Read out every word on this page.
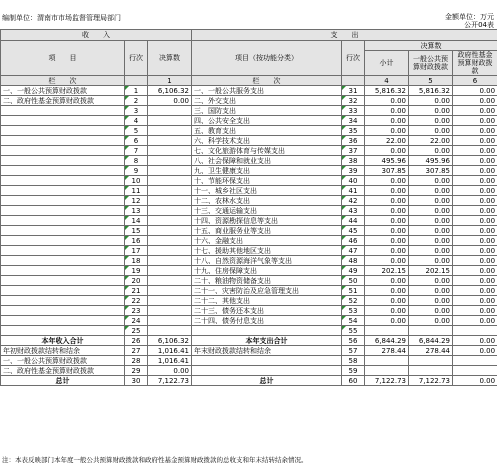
编制单位：渭南市市场监督管理局部门	金额单位：万元
公开04表
收　　入			支　　出				
项　　目	行次	决算数	项目（按功能分类）	行次	决算数		
					小计	一般公共预算财政拨款	政府性基金预算财政拨款
栏　　次		1	栏　　次		4	5	6
一、一般公共预算财政拨款	1	6,106.32	一、一般公共服务支出	31	5,816.32	5,816.32	0.00
二、政府性基金预算财政拨款	2	0.00	二、外交支出	32	0.00	0.00	0.00
	3		三、国防支出	33	0.00	0.00	0.00
	4		四、公共安全支出	34	0.00	0.00	0.00
	5		五、教育支出	35	0.00	0.00	0.00
	6		六、科学技术支出	36	22.00	22.00	0.00
	7		七、文化旅游体育与传媒支出	37	0.00	0.00	0.00
	8		八、社会保障和就业支出	38	495.96	495.96	0.00
	9		九、卫生健康支出	39	307.85	307.85	0.00
	10		十、节能环保支出	40	0.00	0.00	0.00
	11		十一、城乡社区支出	41	0.00	0.00	0.00
	12		十二、农林水支出	42	0.00	0.00	0.00
	13		十三、交通运输支出	43	0.00	0.00	0.00
	14		十四、资源勘探信息等支出	44	0.00	0.00	0.00
	15		十五、商业服务业等支出	45	0.00	0.00	0.00
	16		十六、金融支出	46	0.00	0.00	0.00
	17		十七、援助其他地区支出	47	0.00	0.00	0.00
	18		十八、自然资源海洋气象等支出	48	0.00	0.00	0.00
	19		十九、住房保障支出	49	202.15	202.15	0.00
	20		二十、粮油物资储备支出	50	0.00	0.00	0.00
	21		二十一、灾害防治及应急管理支出	51	0.00	0.00	0.00
	22		二十二、其他支出	52	0.00	0.00	0.00
	23		二十三、债务还本支出	53	0.00	0.00	0.00
	24		二十四、债务付息支出	54	0.00	0.00	0.00
	25			55			
本年收入合计	26	6,106.32	本年支出合计	56	6,844.29	6,844.29	0.00
年初财政拨款结转和结余	27	1,016.41	年末财政拨款结转和结余	57	278.44	278.44	0.00
一、一般公共预算财政拨款	28	1,016.41		58			
二、政府性基金预算财政拨款	29	0.00		59			
总计	30	7,122.73	总计	60	7,122.73	7,122.73	0.00
注：本表反映部门本年度一般公共预算财政拨款和政府性基金预算财政拨款的总收支和年末结转结余情况。
